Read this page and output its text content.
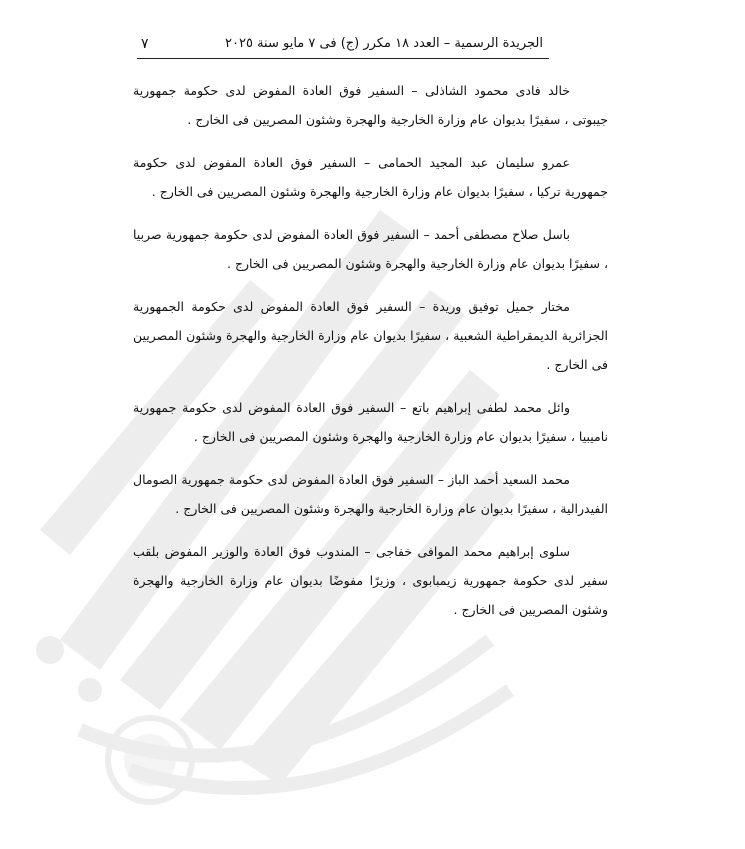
الجريدة الرسمية – العدد ١٨ مكرر (ج) فى ٧ مايو سنة ٢٠٢٥
٧

خالد فادى محمود الشاذلى – السفير فوق العادة المفوض لدى حكومة جمهورية جيبوتى ، سفيرًا بديوان عام وزارة الخارجية والهجرة وشئون المصريين فى الخارج .

عمرو سليمان عبد المجيد الحمامى – السفير فوق العادة المفوض لدى حكومة جمهورية تركيا ، سفيرًا بديوان عام وزارة الخارجية والهجرة وشئون المصريين فى الخارج .

باسل صلاح مصطفى أحمد – السفير فوق العادة المفوض لدى حكومة جمهورية صربيا ، سفيرًا بديوان عام وزارة الخارجية والهجرة وشئون المصريين فى الخارج .

مختار جميل توفيق وريدة – السفير فوق العادة المفوض لدى حكومة الجمهورية الجزائرية الديمقراطية الشعبية ، سفيرًا بديوان عام وزارة الخارجية والهجرة وشئون المصريين فى الخارج .

وائل محمد لطفى إبراهيم باتع – السفير فوق العادة المفوض لدى حكومة جمهورية ناميبيا ، سفيرًا بديوان عام وزارة الخارجية والهجرة وشئون المصريين فى الخارج .

محمد السعيد أحمد الباز – السفير فوق العادة المفوض لدى حكومة جمهورية الصومال الفيدرالية ، سفيرًا بديوان عام وزارة الخارجية والهجرة وشئون المصريين فى الخارج .

سلوى إبراهيم محمد الموافى خفاجى – المندوب فوق العادة والوزير المفوض بلقب سفير لدى حكومة جمهورية زيمبابوى ، وزيرًا مفوضًا بديوان عام وزارة الخارجية والهجرة وشئون المصريين فى الخارج .
